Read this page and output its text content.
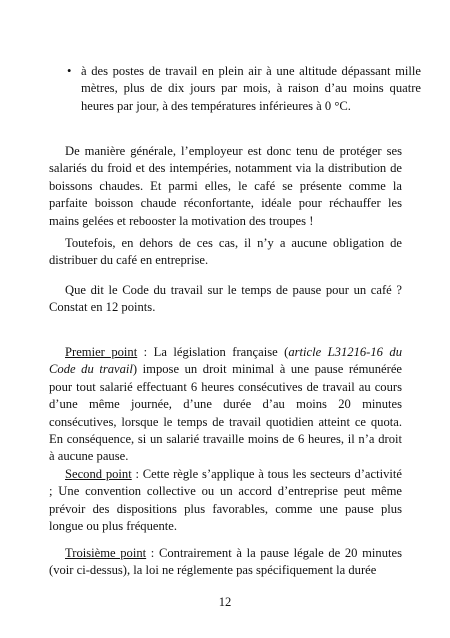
• à des postes de travail en plein air à une altitude dépassant mille mètres, plus de dix jours par mois, à raison d’au moins quatre heures par jour, à des températures inférieures à 0 °C.

De manière générale, l’employeur est donc tenu de protéger ses salariés du froid et des intempéries, notamment via la distribution de boissons chaudes. Et parmi elles, le café se présente comme la parfaite boisson chaude réconfortante, idéale pour réchauffer les mains gelées et rebooster la motivation des troupes !

Toutefois, en dehors de ces cas, il n’y a aucune obligation de distribuer du café en entreprise.

Que dit le Code du travail sur le temps de pause pour un café ? Constat en 12 points.

Premier point : La législation française (article L31216-16 du Code du travail) impose un droit minimal à une pause rémunérée pour tout salarié effectuant 6 heures consécutives de travail au cours d’une même journée, d’une durée d’au moins 20 minutes consécutives, lorsque le temps de travail quotidien atteint ce quota. En conséquence, si un salarié travaille moins de 6 heures, il n’a droit à aucune pause.

Second point : Cette règle s’applique à tous les secteurs d’activité ; Une convention collective ou un accord d’entreprise peut même prévoir des dispositions plus favorables, comme une pause plus longue ou plus fréquente.

Troisième point : Contrairement à la pause légale de 20 minutes (voir ci-dessus), la loi ne réglemente pas spécifiquement la durée

12
